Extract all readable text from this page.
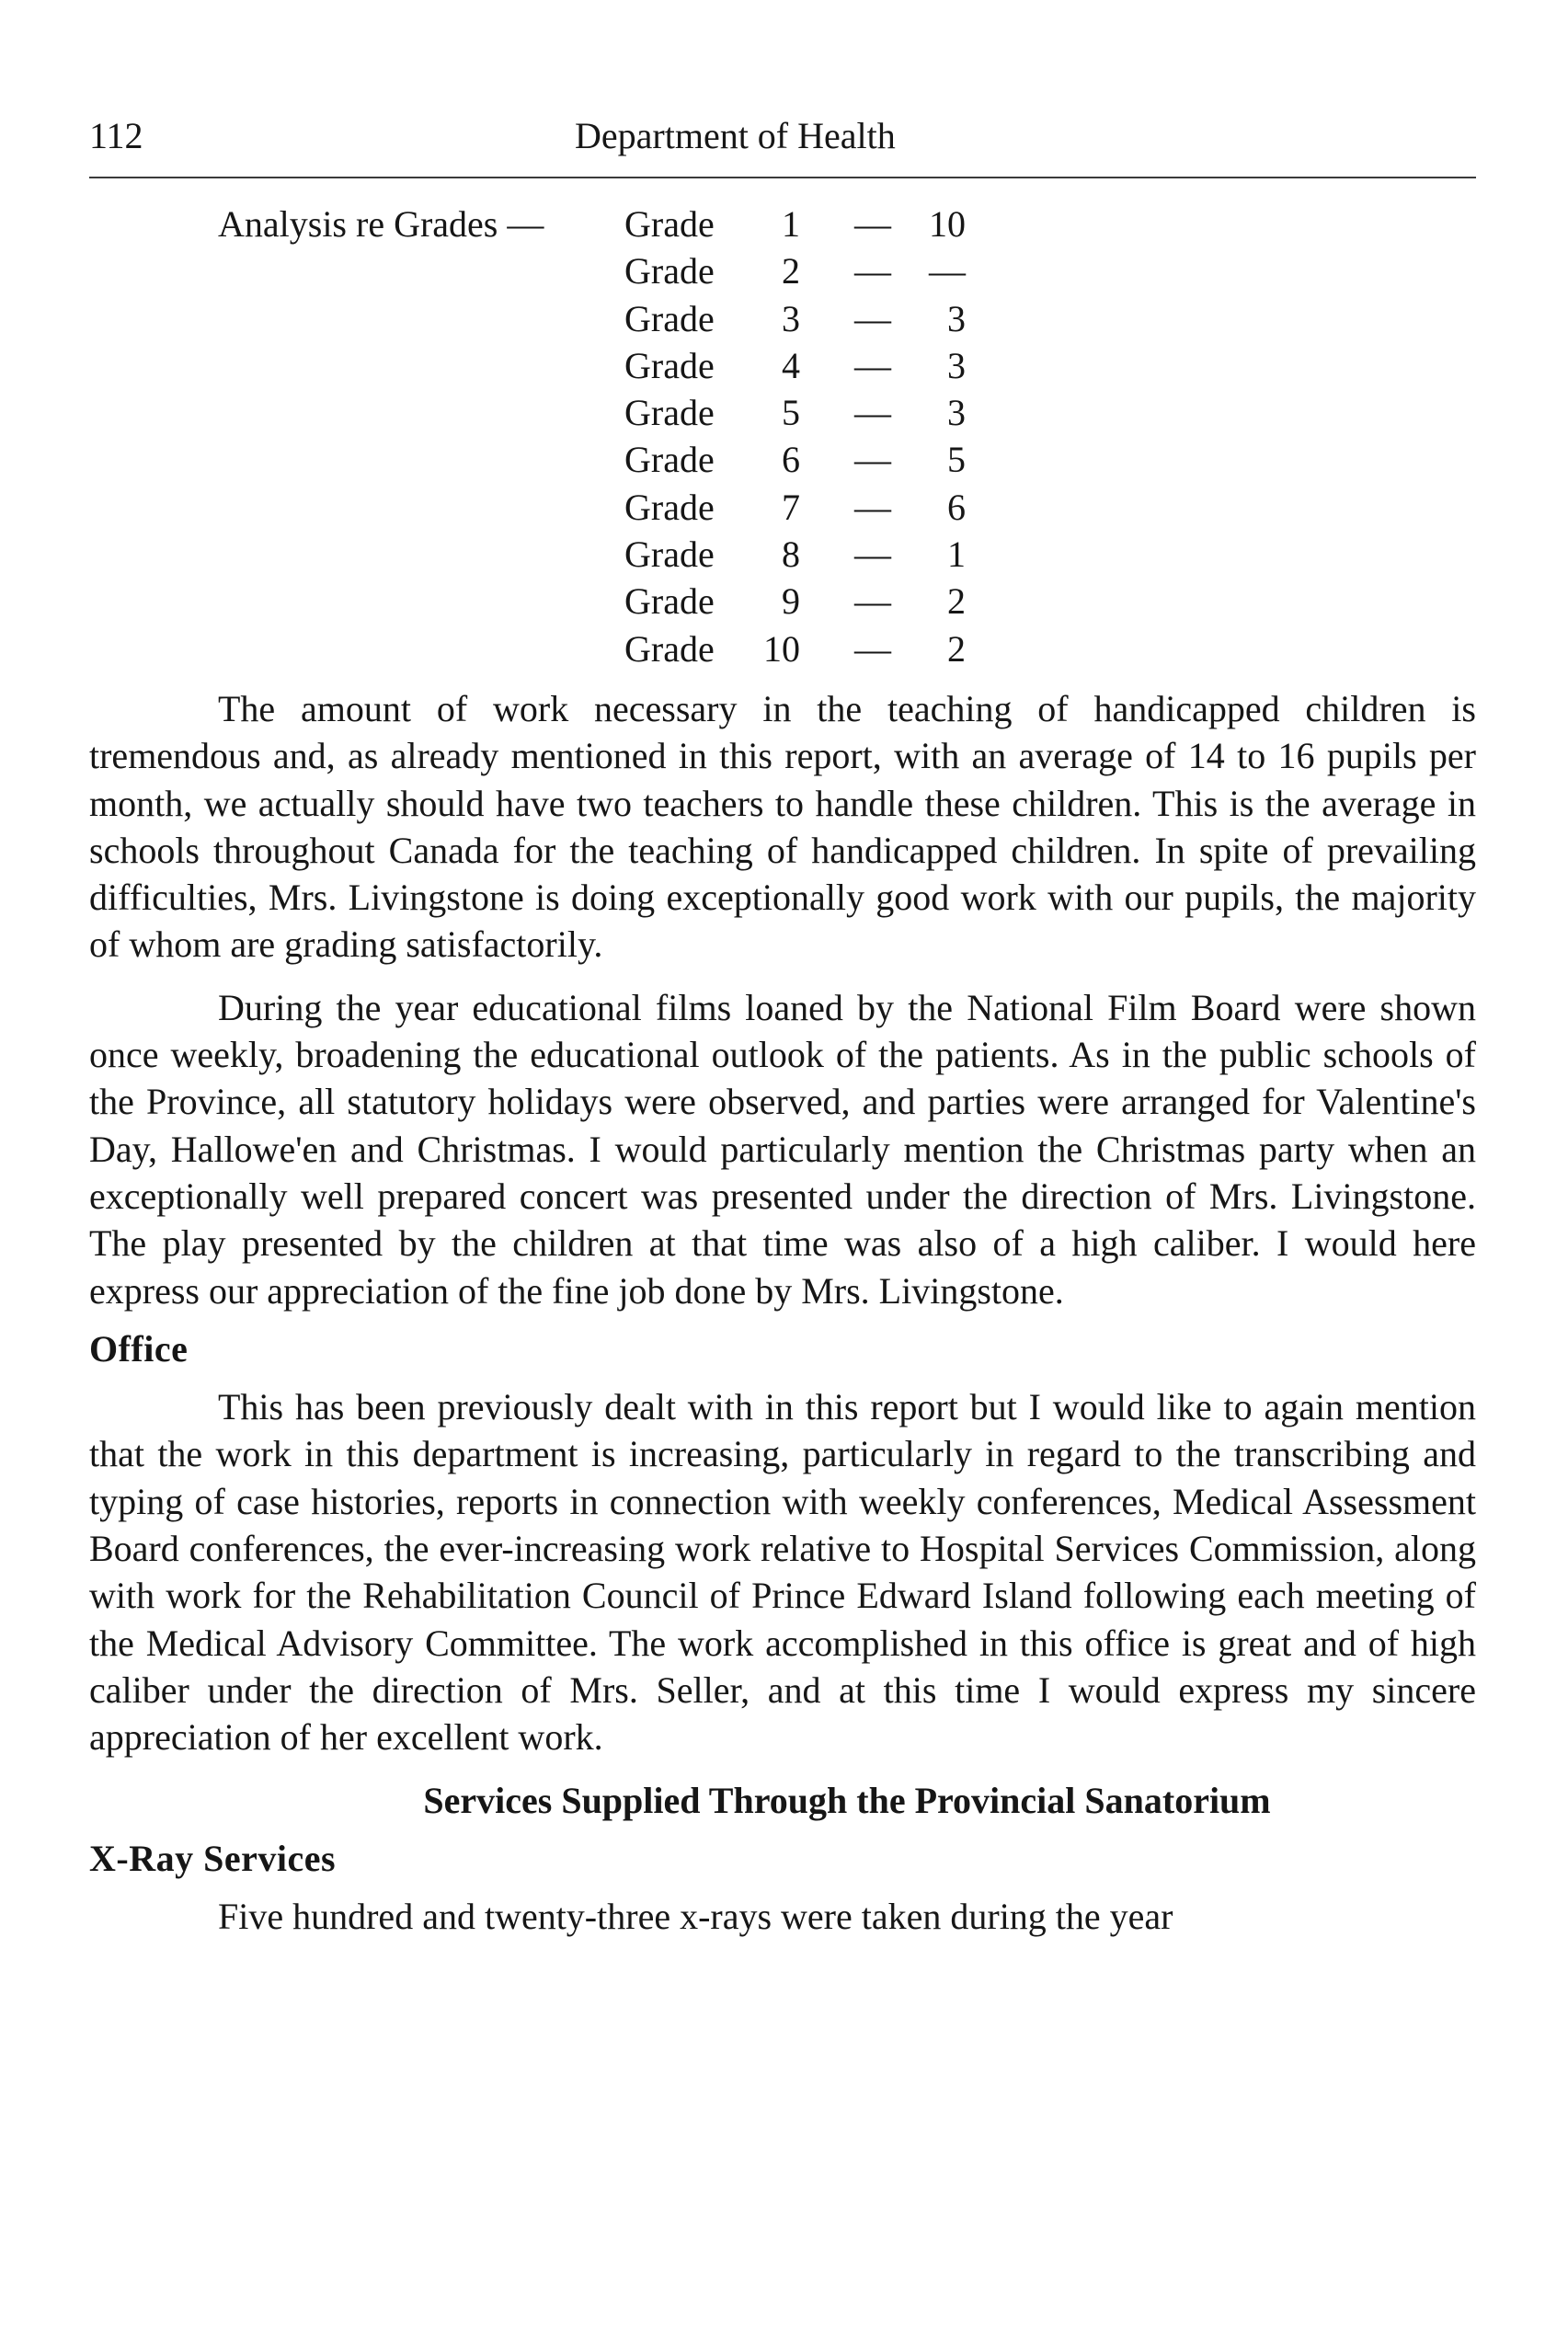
112	Department of Health
Analysis re Grades — Grade	1	—	10
Grade	2	—	—
Grade	3	—	3
Grade	4	—	3
Grade	5	—	3
Grade	6	—	5
Grade	7	—	6
Grade	8	—	1
Grade	9	—	2
Grade	10	—	2

The amount of work necessary in the teaching of handicapped children is tremendous and, as already mentioned in this report, with an average of 14 to 16 pupils per month, we actually should have two teachers to handle these children. This is the average in schools throughout Canada for the teaching of handicapped children. In spite of prevailing difficulties, Mrs. Livingstone is doing exceptionally good work with our pupils, the majority of whom are grading satisfactorily.

During the year educational films loaned by the National Film Board were shown once weekly, broadening the educational outlook of the patients. As in the public schools of the Province, all statutory holidays were observed, and parties were arranged for Valentine's Day, Hallowe'en and Christmas. I would particularly mention the Christmas party when an exceptionally well prepared concert was presented under the direction of Mrs. Livingstone. The play presented by the children at that time was also of a high caliber. I would here express our appreciation of the fine job done by Mrs. Livingstone.

Office

This has been previously dealt with in this report but I would like to again mention that the work in this department is increasing, particularly in regard to the transcribing and typing of case histories, reports in connection with weekly conferences, Medical Assessment Board conferences, the ever-increasing work relative to Hospital Services Commission, along with work for the Rehabilitation Council of Prince Edward Island following each meeting of the Medical Advisory Committee. The work accomplished in this office is great and of high caliber under the direction of Mrs. Seller, and at this time I would express my sincere appreciation of her excellent work.

Services Supplied Through the Provincial Sanatorium
X-Ray Services

Five hundred and twenty-three x-rays were taken during the year
